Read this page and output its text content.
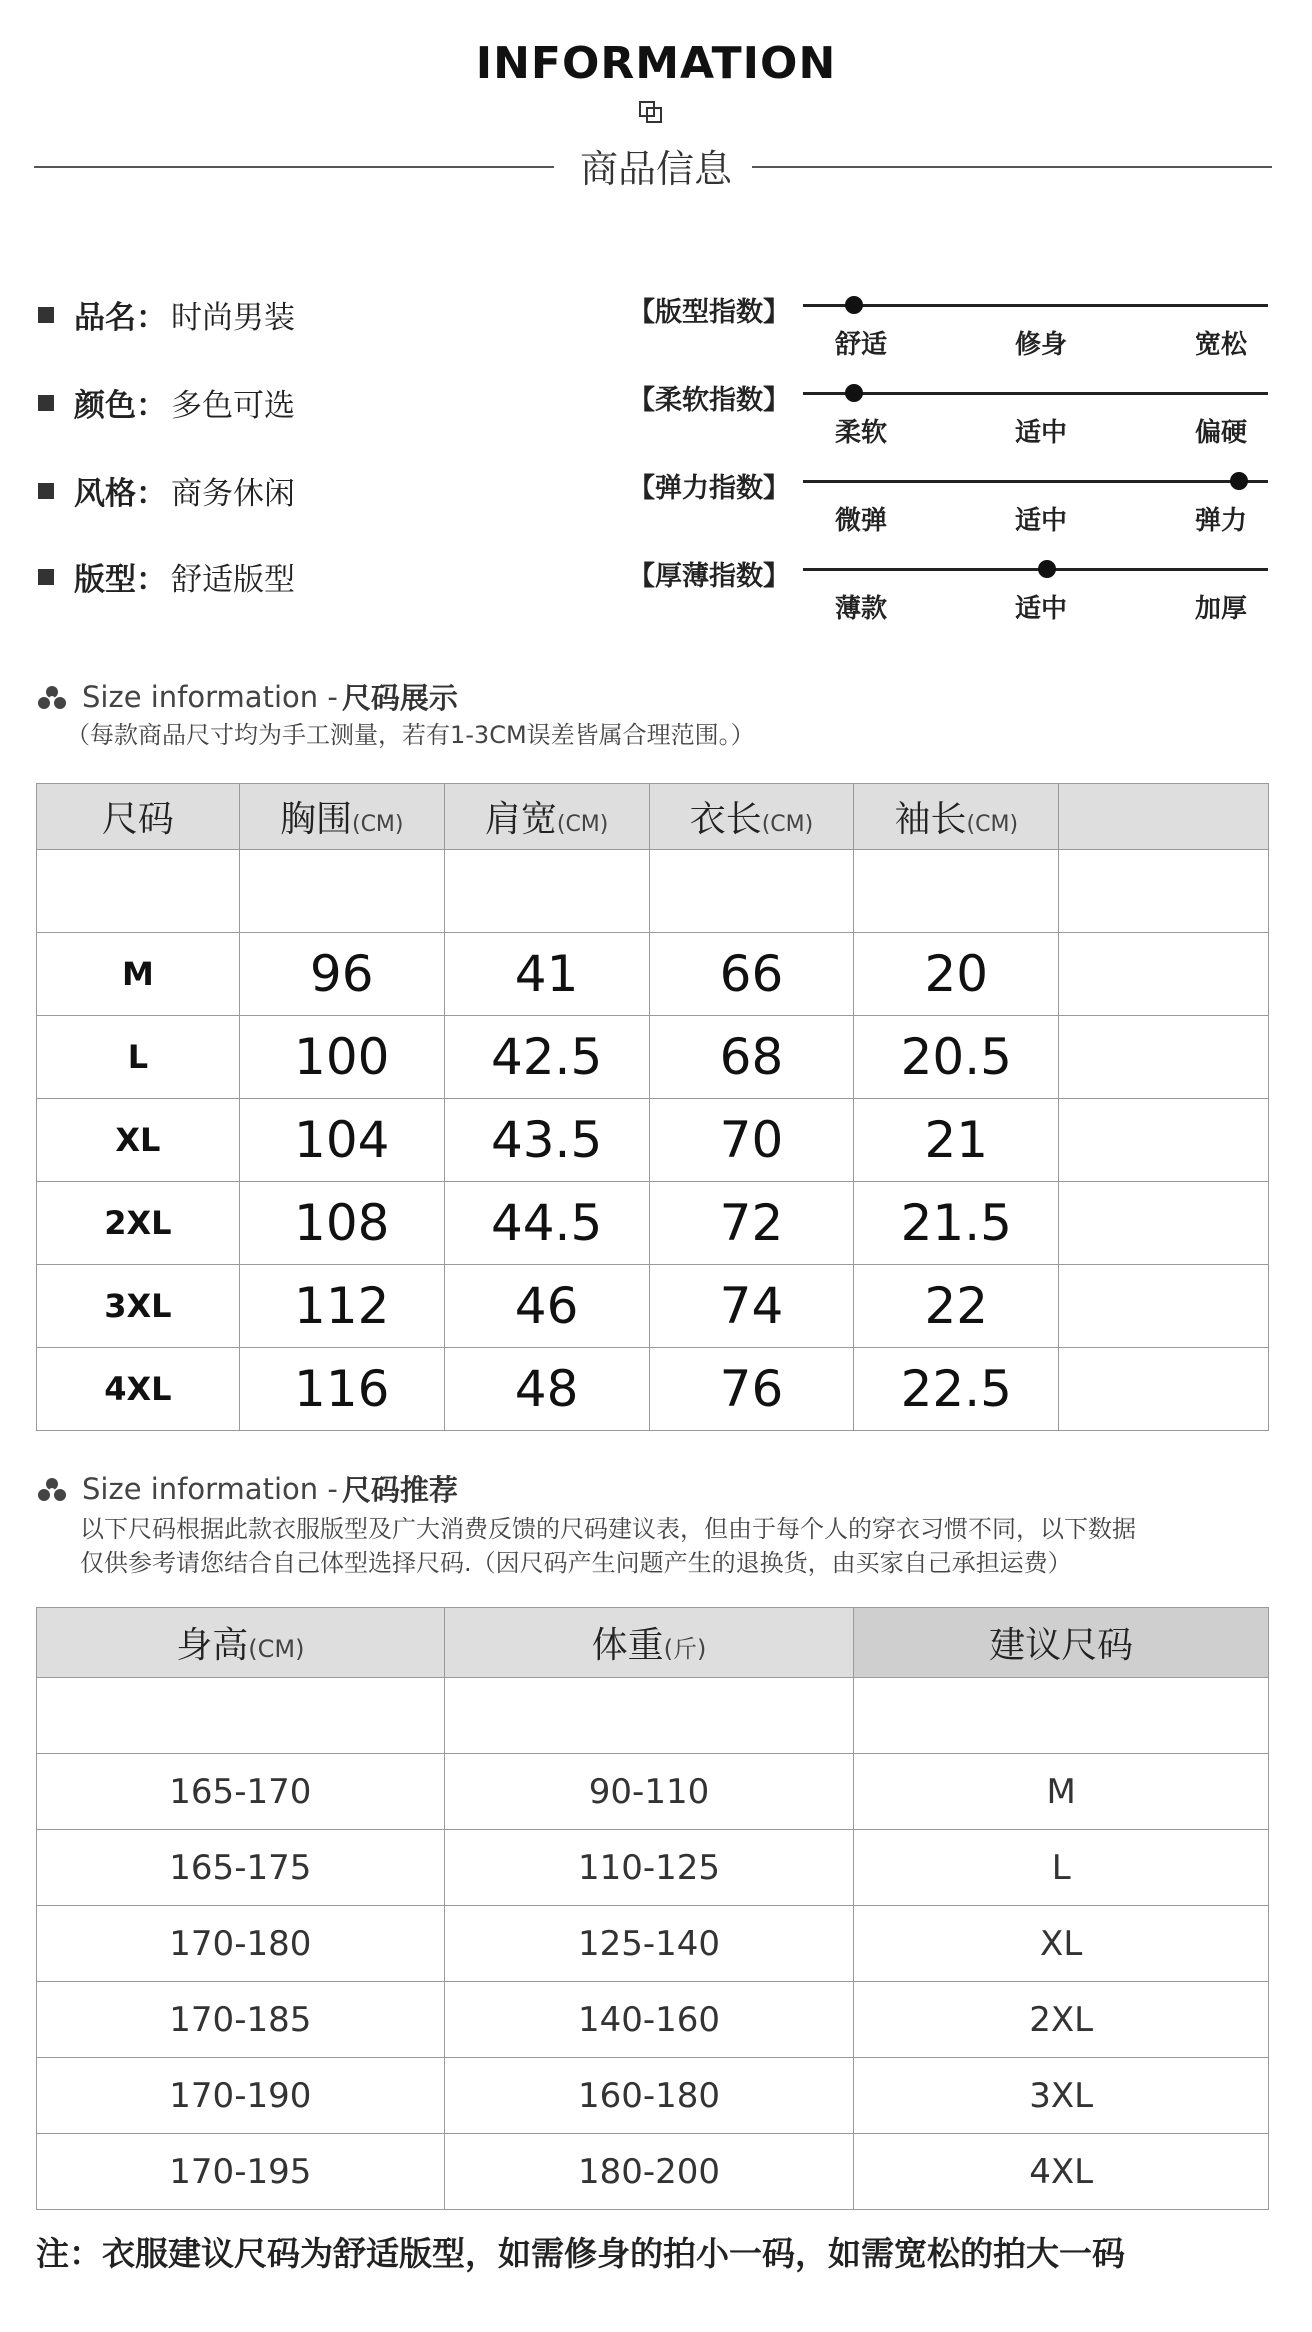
INFORMATION
商品信息
品名 ： 时尚男装
颜色 ： 多色可选
风格 ： 商务休闲
版型 ： 舒适版型
【版型指数】
舒适	修身	宽松
【柔软指数】
柔软	适中	偏硬
【弹力指数】
微弹	适中	弹力
【厚薄指数】
薄款	适中	加厚
Size information - 尺码展示
（每款商品尺寸均为手工测量，若有1-3CM误差皆属合理范围。）
尺码	胸围(CM)	肩宽(CM)	衣长(CM)	袖长(CM)	

M	96	41	66	20	
L	100	42.5	68	20.5	
XL	104	43.5	70	21	
2XL	108	44.5	72	21.5	
3XL	112	46	74	22	
4XL	116	48	76	22.5	
Size information - 尺码推荐
以下尺码根据此款衣服版型及广大消费反馈的尺码建议表，但由于每个人的穿衣习惯不同，以下数据
仅供参考请您结合自己体型选择尺码.（因尺码产生问题产生的退换货，由买家自己承担运费）
身高(CM)	体重(斤)	建议尺码

165-170	90-110	M
165-175	110-125	L
170-180	125-140	XL
170-185	140-160	2XL
170-190	160-180	3XL
170-195	180-200	4XL
注：衣服建议尺码为舒适版型，如需修身的拍小一码，如需宽松的拍大一码
